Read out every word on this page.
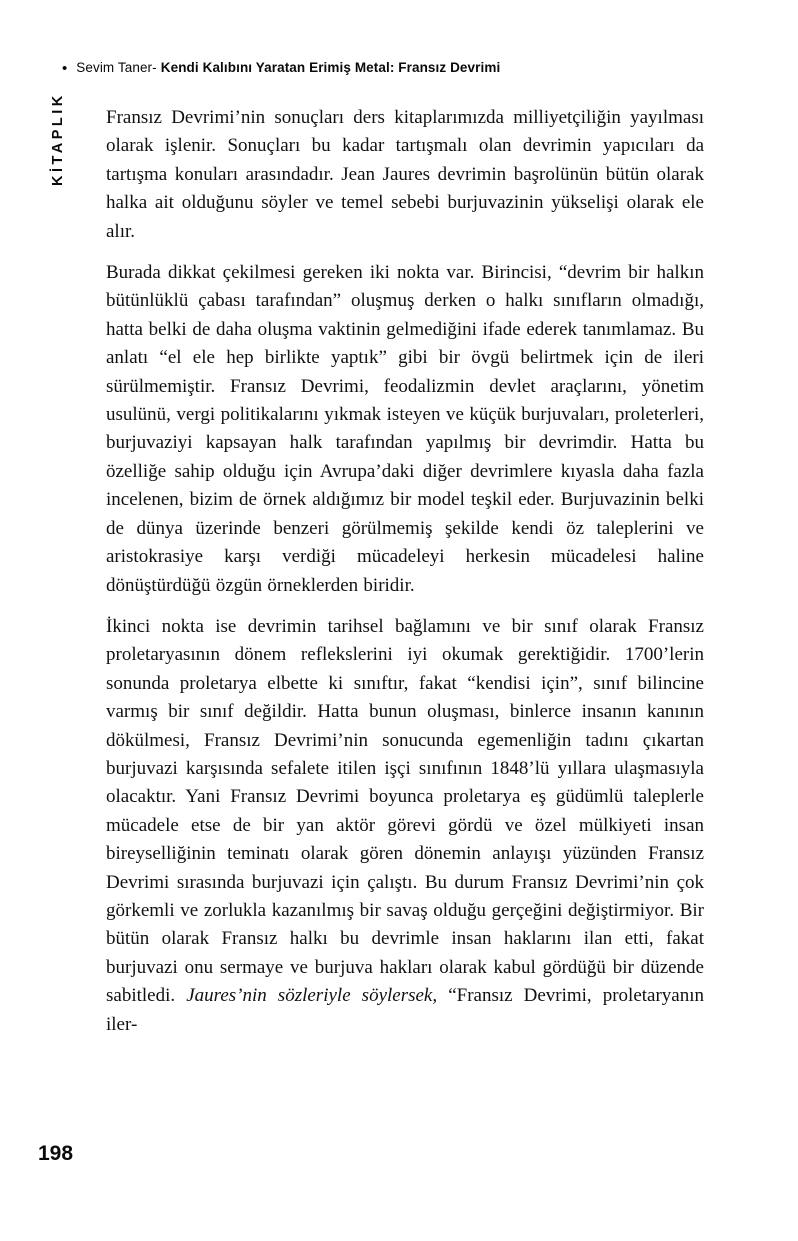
• Sevim Taner- Kendi Kalıbını Yaratan Erimiş Metal: Fransız Devrimi
KİTAPLIK Fransız Devrimi’nin sonuçları ders kitaplarımızda milliyetçiliğin yayılması olarak işlenir. Sonuçları bu kadar tartışmalı olan devrimin yapıcıları da tartışma konuları arasındadır. Jean Jaures devrimin başrolünün bütün olarak halka ait olduğunu söyler ve temel sebebi burjuvazinin yükselişi olarak ele alır.

Burada dikkat çekilmesi gereken iki nokta var. Birincisi, “devrim bir halkın bütünlüklü çabası tarafından” oluşmuş derken o halkı sınıfların olmadığı, hatta belki de daha oluşma vaktinin gelmediğini ifade ederek tanımlamaz. Bu anlatı “el ele hep birlikte yaptık” gibi bir övgü belirtmek için de ileri sürülmemiştir. Fransız Devrimi, feodalizmin devlet araçlarını, yönetim usulünü, vergi politikalarını yıkmak isteyen ve küçük burjuvaları, proleterleri, burjuvaziyi kapsayan halk tarafından yapılmış bir devrimdir. Hatta bu özelliğe sahip olduğu için Avrupa’daki diğer devrimlere kıyasla daha fazla incelenen, bizim de örnek aldığımız bir model teşkil eder. Burjuvazinin belki de dünya üzerinde benzeri görülmemiş şekilde kendi öz taleplerini ve aristokrasiye karşı verdiği mücadeleyi herkesin mücadelesi haline dönüştürdüğü özgün örneklerden biridir.

İkinci nokta ise devrimin tarihsel bağlamını ve bir sınıf olarak Fransız proletaryasının dönem reflekslerini iyi okumak gerektiğidir. 1700’lerin sonunda proletarya elbette ki sınıftır, fakat “kendisi için”, sınıf bilincine varmış bir sınıf değildir. Hatta bunun oluşması, binlerce insanın kanının dökülmesi, Fransız Devrimi’nin sonucunda egemenliğin tadını çıkartan burjuvazi karşısında sefalete itilen işçi sınıfının 1848’lü yıllara ulaşmasıyla olacaktır. Yani Fransız Devrimi boyunca proletarya eş güdümlü taleplerle mücadele etse de bir yan aktör görevi gördü ve özel mülkiyeti insan bireyselliğinin teminatı olarak gören dönemin anlayışı yüzünden Fransız Devrimi sırasında burjuvazi için çalıştı. Bu durum Fransız Devrimi’nin çok görkemli ve zorlukla kazanılmış bir savaş olduğu gerçeğini değiştirmiyor. Bir bütün olarak Fransız halkı bu devrimle insan haklarını ilan etti, fakat burjuvazi onu sermaye ve burjuva hakları olarak kabul gördüğü bir düzende sabitledi. Jaures’nin sözleriyle söylersek, “Fransız Devrimi, proletaryanın iler-

198
